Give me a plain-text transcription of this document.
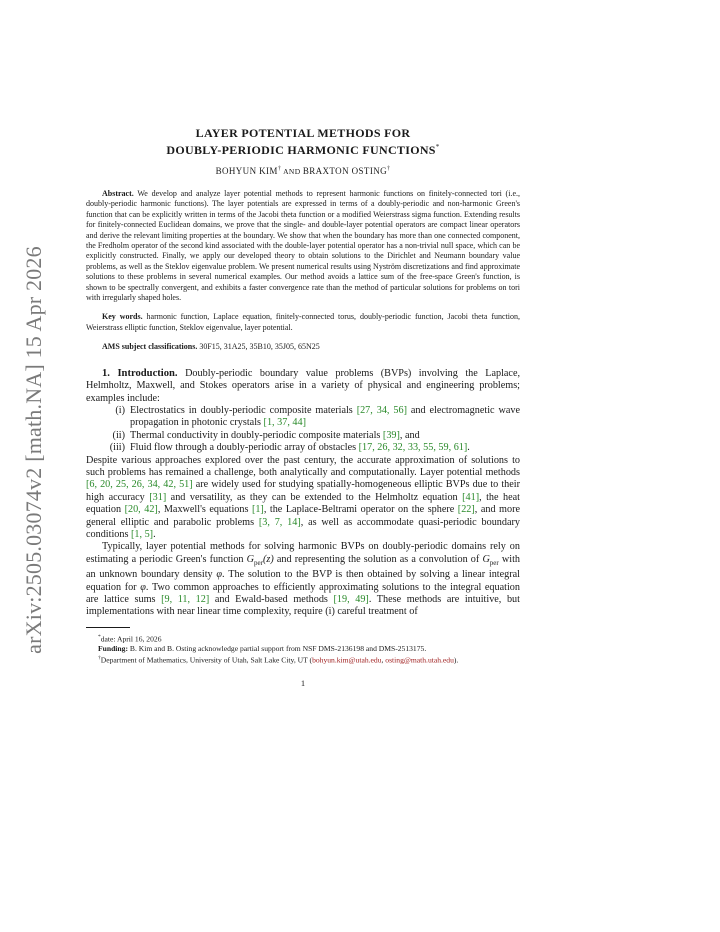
arXiv:2505.03074v2 [math.NA] 15 Apr 2026
LAYER POTENTIAL METHODS FOR
DOUBLY-PERIODIC HARMONIC FUNCTIONS*
BOHYUN KIM† AND BRAXTON OSTING†
Abstract. We develop and analyze layer potential methods to represent harmonic functions on finitely-connected tori (i.e., doubly-periodic harmonic functions). The layer potentials are expressed in terms of a doubly-periodic and non-harmonic Green's function that can be explicitly written in terms of the Jacobi theta function or a modified Weierstrass sigma function. Extending results for finitely-connected Euclidean domains, we prove that the single- and double-layer potential operators are compact linear operators and derive the relevant limiting properties at the boundary. We show that when the boundary has more than one connected component, the Fredholm operator of the second kind associated with the double-layer potential operator has a non-trivial null space, which can be explicitly constructed. Finally, we apply our developed theory to obtain solutions to the Dirichlet and Neumann boundary value problems, as well as the Steklov eigenvalue problem. We present numerical results using Nyström discretizations and find approximate solutions to these problems in several numerical examples. Our method avoids a lattice sum of the free-space Green's function, is shown to be spectrally convergent, and exhibits a faster convergence rate than the method of particular solutions for problems on tori with irregularly shaped holes.
Key words. harmonic function, Laplace equation, finitely-connected torus, doubly-periodic function, Jacobi theta function, Weierstrass elliptic function, Steklov eigenvalue, layer potential.
AMS subject classifications. 30F15, 31A25, 35B10, 35J05, 65N25
1. Introduction. Doubly-periodic boundary value problems (BVPs) involving the Laplace, Helmholtz, Maxwell, and Stokes operators arise in a variety of physical and engineering problems; examples include:
(i) Electrostatics in doubly-periodic composite materials [27, 34, 56] and electromagnetic wave propagation in photonic crystals [1, 37, 44]
(ii) Thermal conductivity in doubly-periodic composite materials [39], and
(iii) Fluid flow through a doubly-periodic array of obstacles [17, 26, 32, 33, 55, 59, 61].
Despite various approaches explored over the past century, the accurate approximation of solutions to such problems has remained a challenge, both analytically and computationally. Layer potential methods [6, 20, 25, 26, 34, 42, 51] are widely used for studying spatially-homogeneous elliptic BVPs due to their high accuracy [31] and versatility, as they can be extended to the Helmholtz equation [41], the heat equation [20, 42], Maxwell's equations [1], the Laplace-Beltrami operator on the sphere [22], and more general elliptic and parabolic problems [3, 7, 14], as well as accommodate quasi-periodic boundary conditions [1, 5].
Typically, layer potential methods for solving harmonic BVPs on doubly-periodic domains rely on estimating a periodic Green's function $G_{per}(z)$ and representing the solution as a convolution of $G_{per}$ with an unknown boundary density φ. The solution to the BVP is then obtained by solving a linear integral equation for φ. Two common approaches to efficiently approximating solutions to the integral equation are lattice sums [9, 11, 12] and Ewald-based methods [19, 49]. These methods are intuitive, but implementations with near linear time complexity, require (i) careful treatment of
*date: April 16, 2026
Funding: B. Kim and B. Osting acknowledge partial support from NSF DMS-2136198 and DMS-2513175.
†Department of Mathematics, University of Utah, Salt Lake City, UT (bohyun.kim@utah.edu, osting@math.utah.edu).
1
